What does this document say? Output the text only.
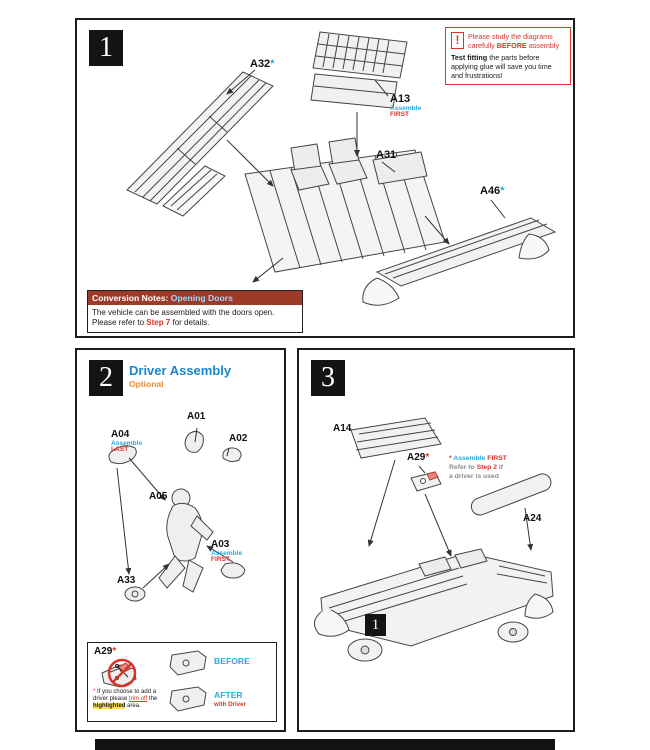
1	! Please study the diagrams carefully BEFORE assembly

Test fitting the parts before applying glue will save you time and frustrations!

A32*
A13
Assemble
FIRST
A31
A46*
Conversion Notes: Opening Doors
The vehicle can be assembled with the doors open.
Please refer to Step 7 for details.
2 Driver Assembly
Optional
A01
A02
A04
Assemble
LAST
A05
A03
Assemble
FIRST
A33
A29*
BEFORE
AFTER
with Driver

* If you choose to add a driver please trim off the highlighted area.

3
A14
A29*	* Assemble FIRST
Refer to Step 2 if
a driver is used
A24
1
